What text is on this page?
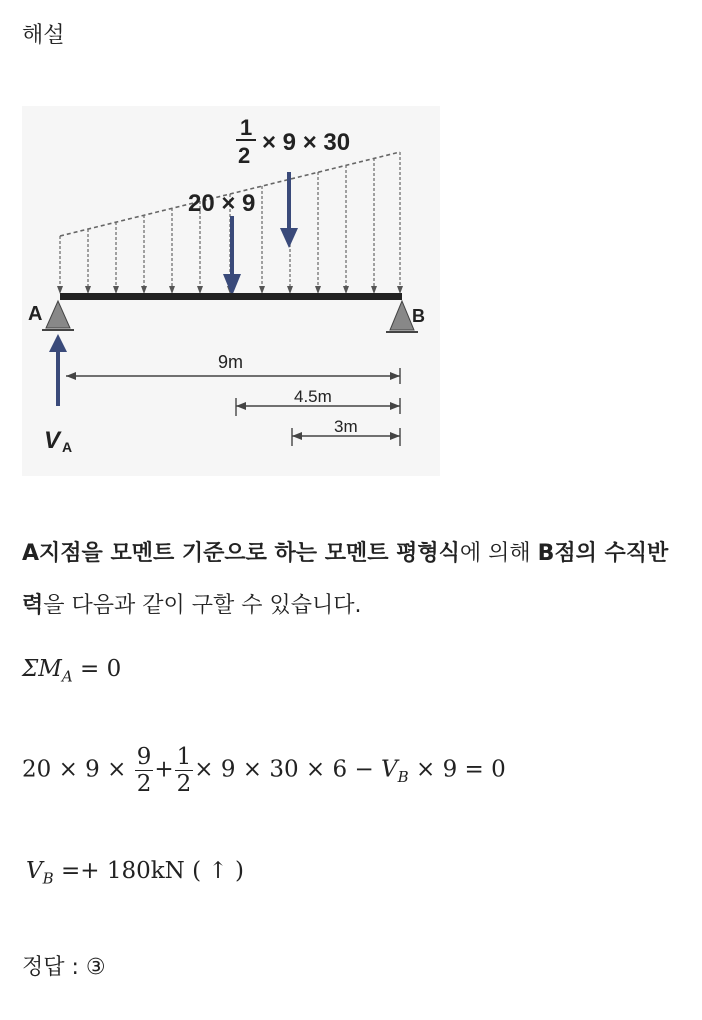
해설
1
2 × 9 × 30
20 × 9
A	B
9m
4.5m
3m
V A
A지점을 모멘트 기준으로 하는 모멘트 평형식에 의해 B점의 수직반력을 다음과 같이 구할 수 있습니다.
$\Sigma M_A = 0$
$20 \times 9 \times \frac{9}{2} + \frac{1}{2} \times 9 \times 30 \times 6 - V_B \times 9 = 0$
$V_B =+ 180kN$ ( ↑ )
정답 : ③
